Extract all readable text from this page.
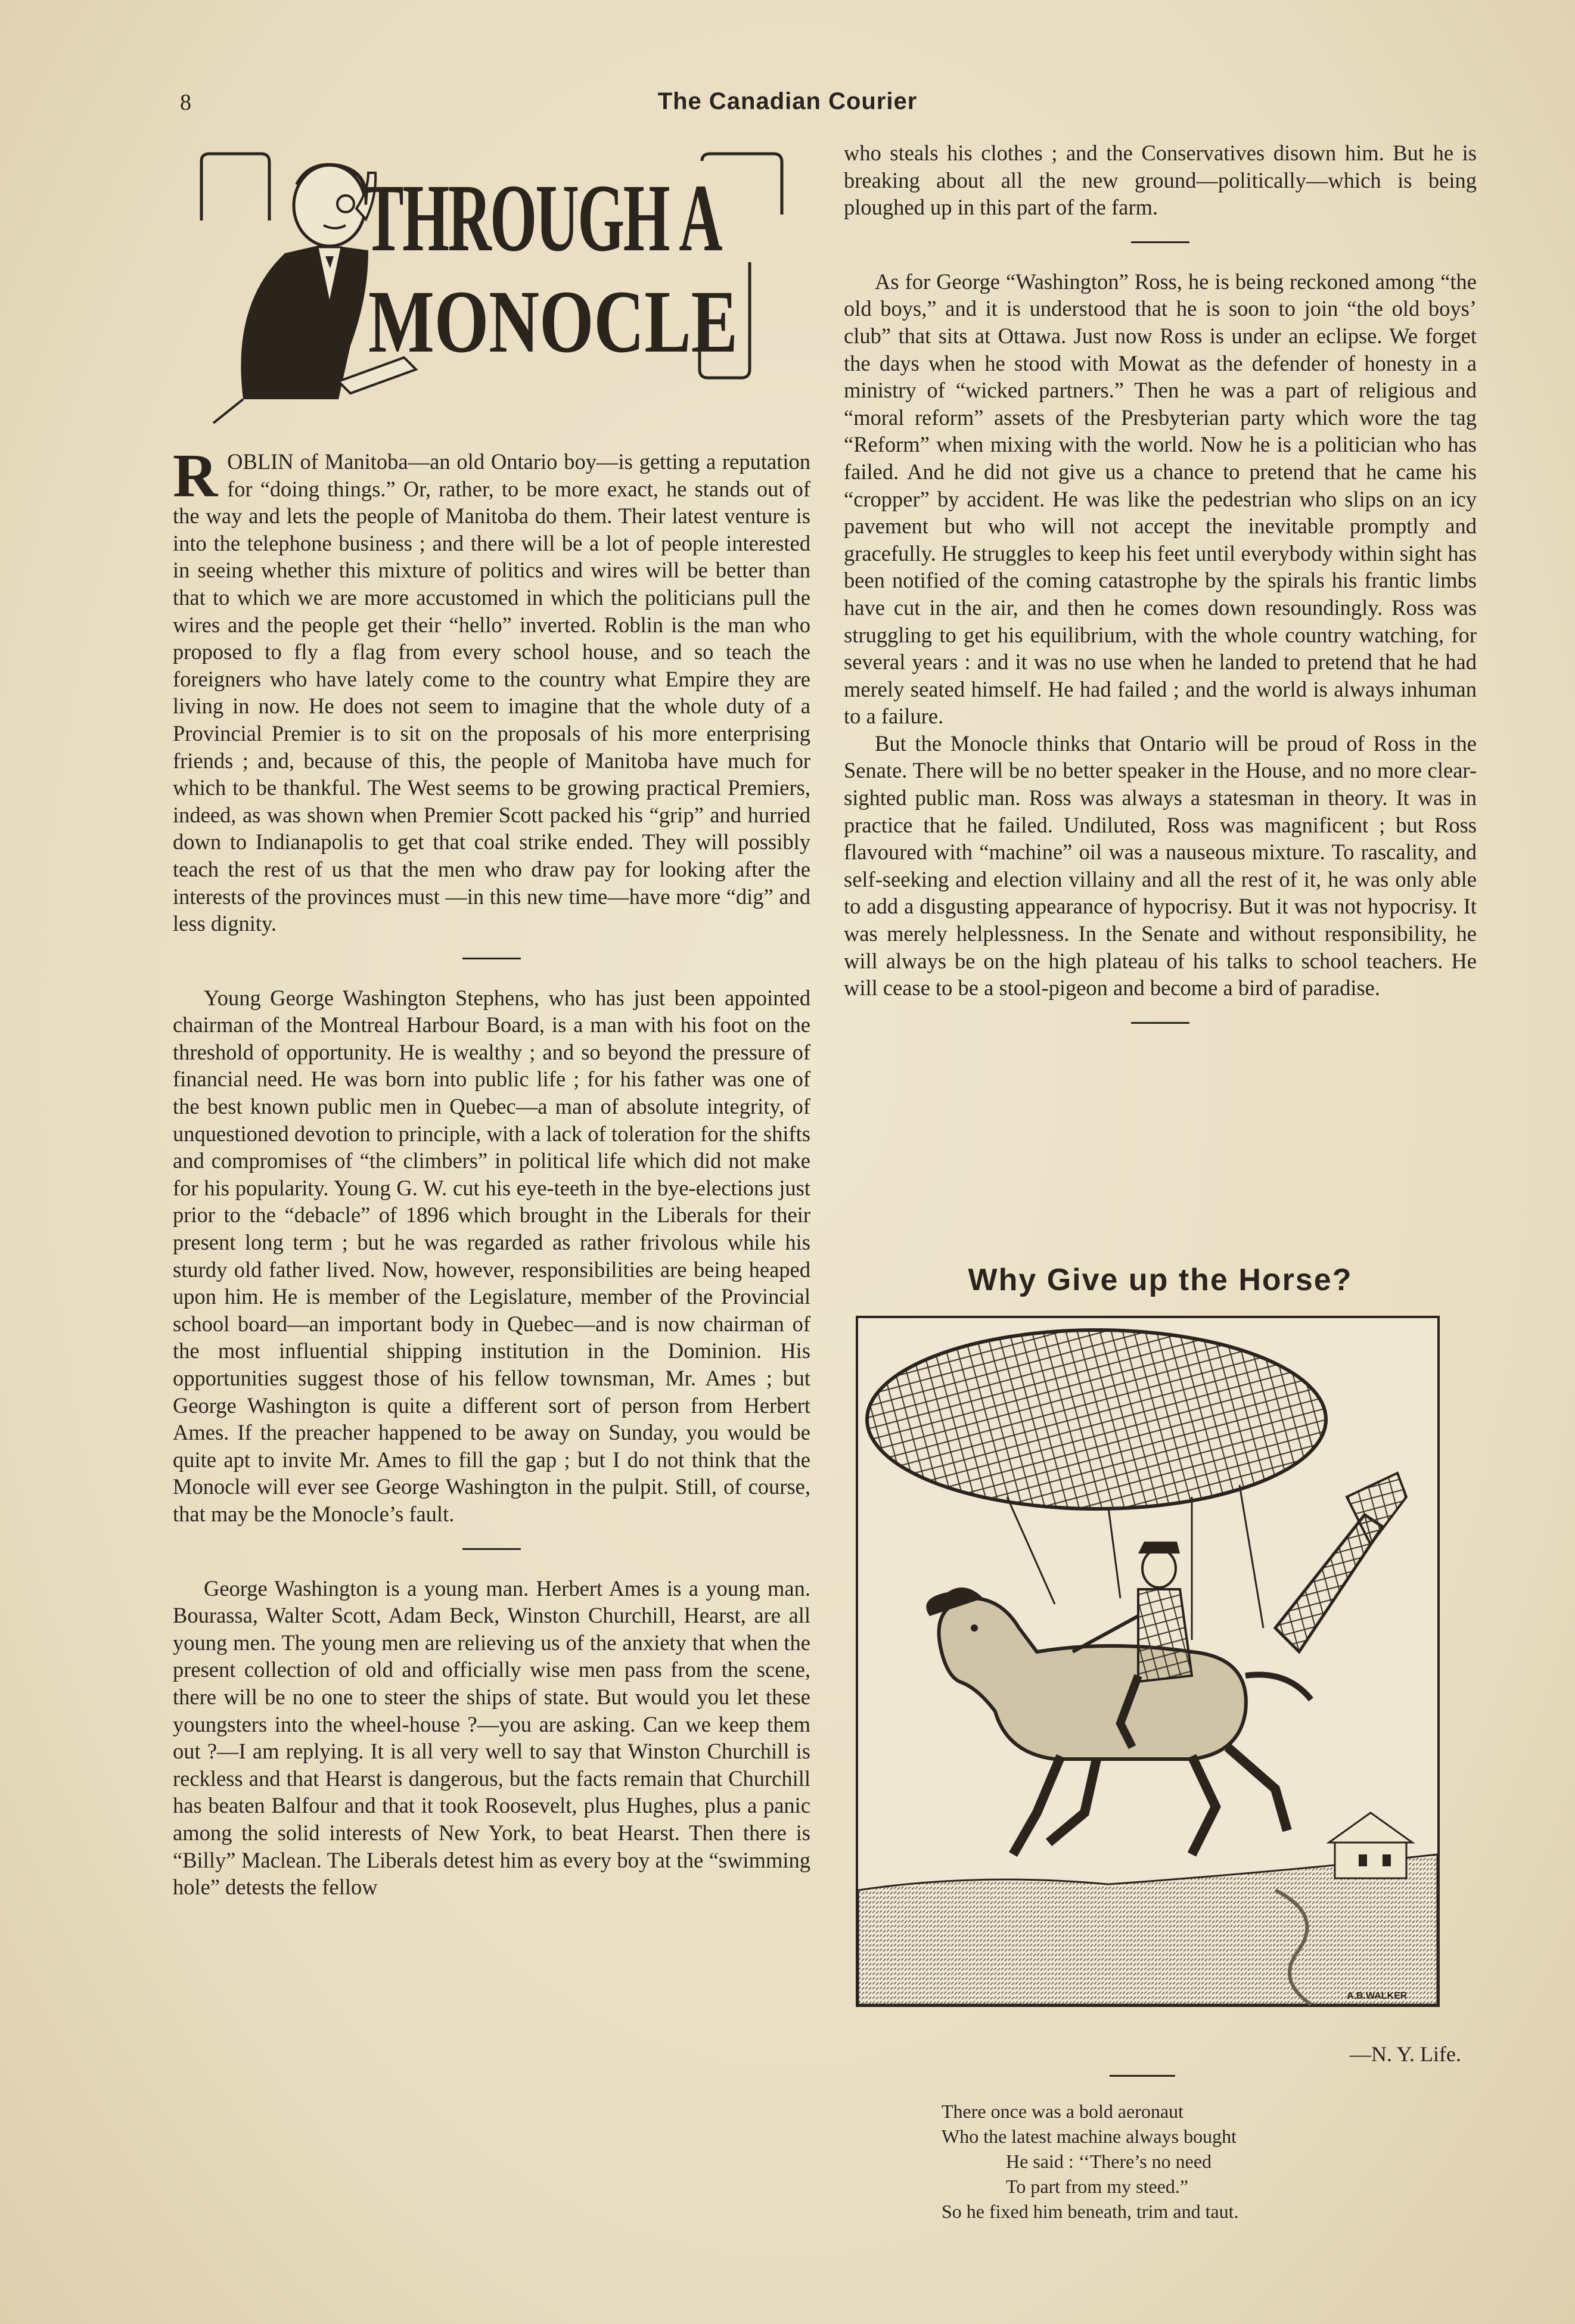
8	The Canadian Courier
THROUGH A
MONOCLE

ROBLIN of Manitoba—an old Ontario boy—is getting a reputation for “doing things.” Or, rather, to be more exact, he stands out of the way and lets the people of Manitoba do them. Their latest venture is into the telephone business ; and there will be a lot of people interested in seeing whether this mixture of politics and wires will be better than that to which we are more accustomed in which the politicians pull the wires and the people get their “hello” inverted. Roblin is the man who proposed to fly a flag from every school house, and so teach the foreigners who have lately come to the country what Empire they are living in now. He does not seem to imagine that the whole duty of a Provincial Premier is to sit on the proposals of his more enterprising friends ; and, because of this, the people of Manitoba have much for which to be thankful. The West seems to be growing practical Premiers, indeed, as was shown when Premier Scott packed his “grip” and hurried down to Indianapolis to get that coal strike ended. They will possibly teach the rest of us that the men who draw pay for looking after the interests of the provinces must —in this new time—have more “dig” and less dignity.

Young George Washington Stephens, who has just been appointed chairman of the Montreal Harbour Board, is a man with his foot on the threshold of opportunity. He is wealthy ; and so beyond the pressure of financial need. He was born into public life ; for his father was one of the best known public men in Quebec—a man of absolute integrity, of unquestioned devotion to principle, with a lack of toleration for the shifts and compromises of “the climbers” in political life which did not make for his popularity. Young G. W. cut his eye-teeth in the bye-elections just prior to the “debacle” of 1896 which brought in the Liberals for their present long term ; but he was regarded as rather frivolous while his sturdy old father lived. Now, however, responsibilities are being heaped upon him. He is member of the Legislature, member of the Provincial school board—an important body in Quebec—and is now chairman of the most influential shipping institution in the Dominion. His opportunities suggest those of his fellow townsman, Mr. Ames ; but George Washington is quite a different sort of person from Herbert Ames. If the preacher happened to be away on Sunday, you would be quite apt to invite Mr. Ames to fill the gap ; but I do not think that the Monocle will ever see George Washington in the pulpit. Still, of course, that may be the Monocle’s fault.

George Washington is a young man. Herbert Ames is a young man. Bourassa, Walter Scott, Adam Beck, Winston Churchill, Hearst, are all young men. The young men are relieving us of the anxiety that when the present collection of old and officially wise men pass from the scene, there will be no one to steer the ships of state. But would you let these youngsters into the wheel-house ?—you are asking. Can we keep them out ?—I am replying. It is all very well to say that Winston Churchill is reckless and that Hearst is dangerous, but the facts remain that Churchill has beaten Balfour and that it took Roosevelt, plus Hughes, plus a panic among the solid interests of New York, to beat Hearst. Then there is “Billy” Maclean. The Liberals detest him as every boy at the “swimming hole” detests the fellow

who steals his clothes ; and the Conservatives disown him. But he is breaking about all the new ground—politically—which is being ploughed up in this part of the farm.

As for George “Washington” Ross, he is being reckoned among “the old boys,” and it is understood that he is soon to join “the old boys’ club” that sits at Ottawa. Just now Ross is under an eclipse. We forget the days when he stood with Mowat as the defender of honesty in a ministry of “wicked partners.” Then he was a part of religious and “moral reform” assets of the Presbyterian party which wore the tag “Reform” when mixing with the world. Now he is a politician who has failed. And he did not give us a chance to pretend that he came his “cropper” by accident. He was like the pedestrian who slips on an icy pavement but who will not accept the inevitable promptly and gracefully. He struggles to keep his feet until everybody within sight has been notified of the coming catastrophe by the spirals his frantic limbs have cut in the air, and then he comes down resoundingly. Ross was struggling to get his equilibrium, with the whole country watching, for several years : and it was no use when he landed to pretend that he had merely seated himself. He had failed ; and the world is always inhuman to a failure.

But the Monocle thinks that Ontario will be proud of Ross in the Senate. There will be no better speaker in the House, and no more clear-sighted public man. Ross was always a statesman in theory. It was in practice that he failed. Undiluted, Ross was magnificent ; but Ross flavoured with “machine” oil was a nauseous mixture. To rascality, and self-seeking and election villainy and all the rest of it, he was only able to add a disgusting appearance of hypocrisy. But it was not hypocrisy. It was merely helplessness. In the Senate and without responsibility, he will always be on the high plateau of his talks to school teachers. He will cease to be a stool-pigeon and become a bird of paradise.

Why Give up the Horse?
A.B.WALKER
—N. Y. Life.
There once was a bold aeronaut
Who the latest machine always bought
He said : ‘‘There’s no need
To part from my steed.”
So he fixed him beneath, trim and taut.
